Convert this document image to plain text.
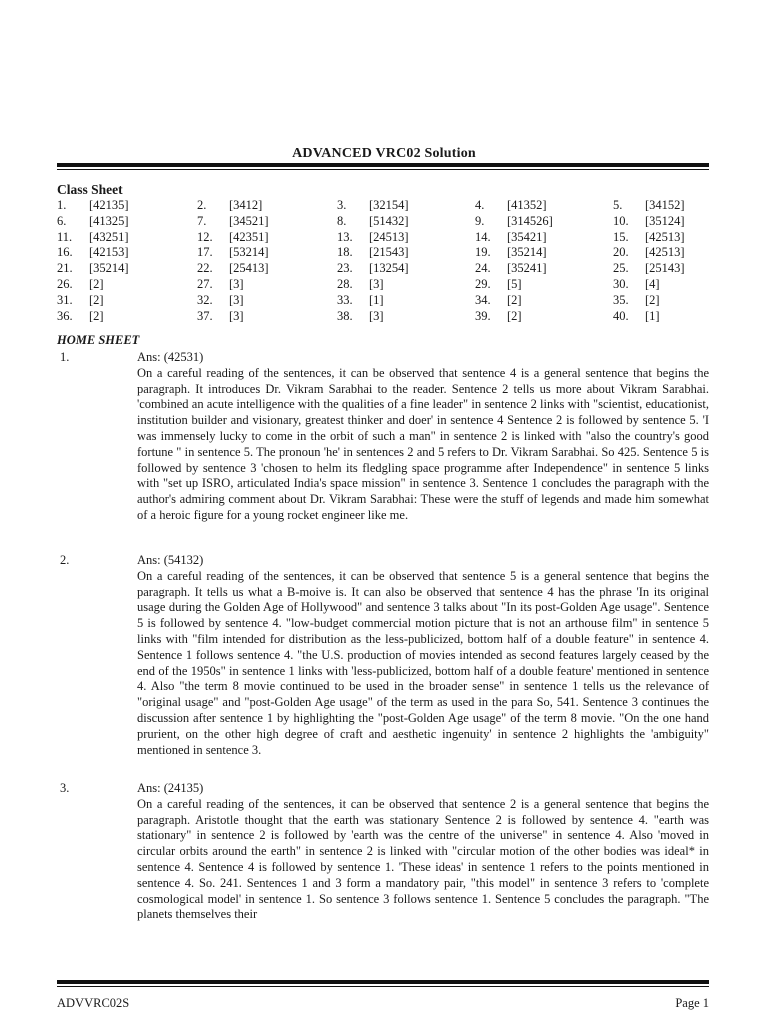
ADVANCED VRC02 Solution
Class Sheet
1. [42135]	2. [3412]	3. [32154]	4. [41352]	5. [34152]
6. [41325]	7. [34521]	8. [51432]	9. [314526]	10. [35124]
11. [43251]	12. [42351]	13. [24513]	14. [35421]	15. [42513]
16. [42153]	17. [53214]	18. [21543]	19. [35214]	20. [42513]
21. [35214]	22. [25413]	23. [13254]	24. [35241]	25. [25143]
26. [2]	27. [3]	28. [3]	29. [5]	30. [4]
31. [2]	32. [3]	33. [1]	34. [2]	35. [2]
36. [2]	37. [3]	38. [3]	39. [2]	40. [1]
HOME SHEET
1.	Ans: (42531)
On a careful reading of the sentences, it can be observed that sentence 4 is a general sentence that begins the paragraph. It introduces Dr. Vikram Sarabhai to the reader. Sentence 2 tells us more about Vikram Sarabhai. 'combined an acute intelligence with the qualities of a fine leader" in sentence 2 links with "scientist, educationist, institution builder and visionary, greatest thinker and doer' in sentence 4 Sentence 2 is followed by sentence 5. 'I was immensely lucky to come in the orbit of such a man" in sentence 2 is linked with "also the country's good fortune " in sentence 5. The pronoun 'he' in sentences 2 and 5 refers to Dr. Vikram Sarabhai. So 425. Sentence 5 is followed by sentence 3 'chosen to helm its fledgling space programme after Independence" in sentence 5 links with "set up ISRO, articulated India's space mission" in sentence 3. Sentence 1 concludes the paragraph with the author's admiring comment about Dr. Vikram Sarabhai: These were the stuff of legends and made him somewhat of a heroic figure for a young rocket engineer like me.
2.	Ans: (54132)
On a careful reading of the sentences, it can be observed that sentence 5 is a general sentence that begins the paragraph. It tells us what a B-moive is. It can also be observed that sentence 4 has the phrase 'In its original usage during the Golden Age of Hollywood" and sentence 3 talks about "In its post-Golden Age usage". Sentence 5 is followed by sentence 4. "low-budget commercial motion picture that is not an arthouse film" in sentence 5 links with "film intended for distribution as the less-publicized, bottom half of a double feature" in sentence 4. Sentence 1 follows sentence 4. "the U.S. production of movies intended as second features largely ceased by the end of the 1950s" in sentence 1 links with 'less-publicized, bottom half of a double feature' mentioned in sentence 4. Also "the term 8 movie continued to be used in the broader sense" in sentence 1 tells us the relevance of "original usage" and "post-Golden Age usage" of the term as used in the para So, 541. Sentence 3 continues the discussion after sentence 1 by highlighting the "post-Golden Age usage" of the term 8 movie. "On the one hand prurient, on the other high degree of craft and aesthetic ingenuity' in sentence 2 highlights the 'ambiguity" mentioned in sentence 3.
3.	Ans: (24135)
On a careful reading of the sentences, it can be observed that sentence 2 is a general sentence that begins the paragraph. Aristotle thought that the earth was stationary Sentence 2 is followed by sentence 4. "earth was stationary" in sentence 2 is followed by 'earth was the centre of the universe" in sentence 4. Also 'moved in circular orbits around the earth" in sentence 2 is linked with "circular motion of the other bodies was ideal* in sentence 4. Sentence 4 is followed by sentence 1. 'These ideas' in sentence 1 refers to the points mentioned in sentence 4. So. 241. Sentences 1 and 3 form a mandatory pair, "this model" in sentence 3 refers to 'complete cosmological model' in sentence 1. So sentence 3 follows sentence 1. Sentence 5 concludes the paragraph. "The planets themselves their
ADVVRC02S	Page 1
